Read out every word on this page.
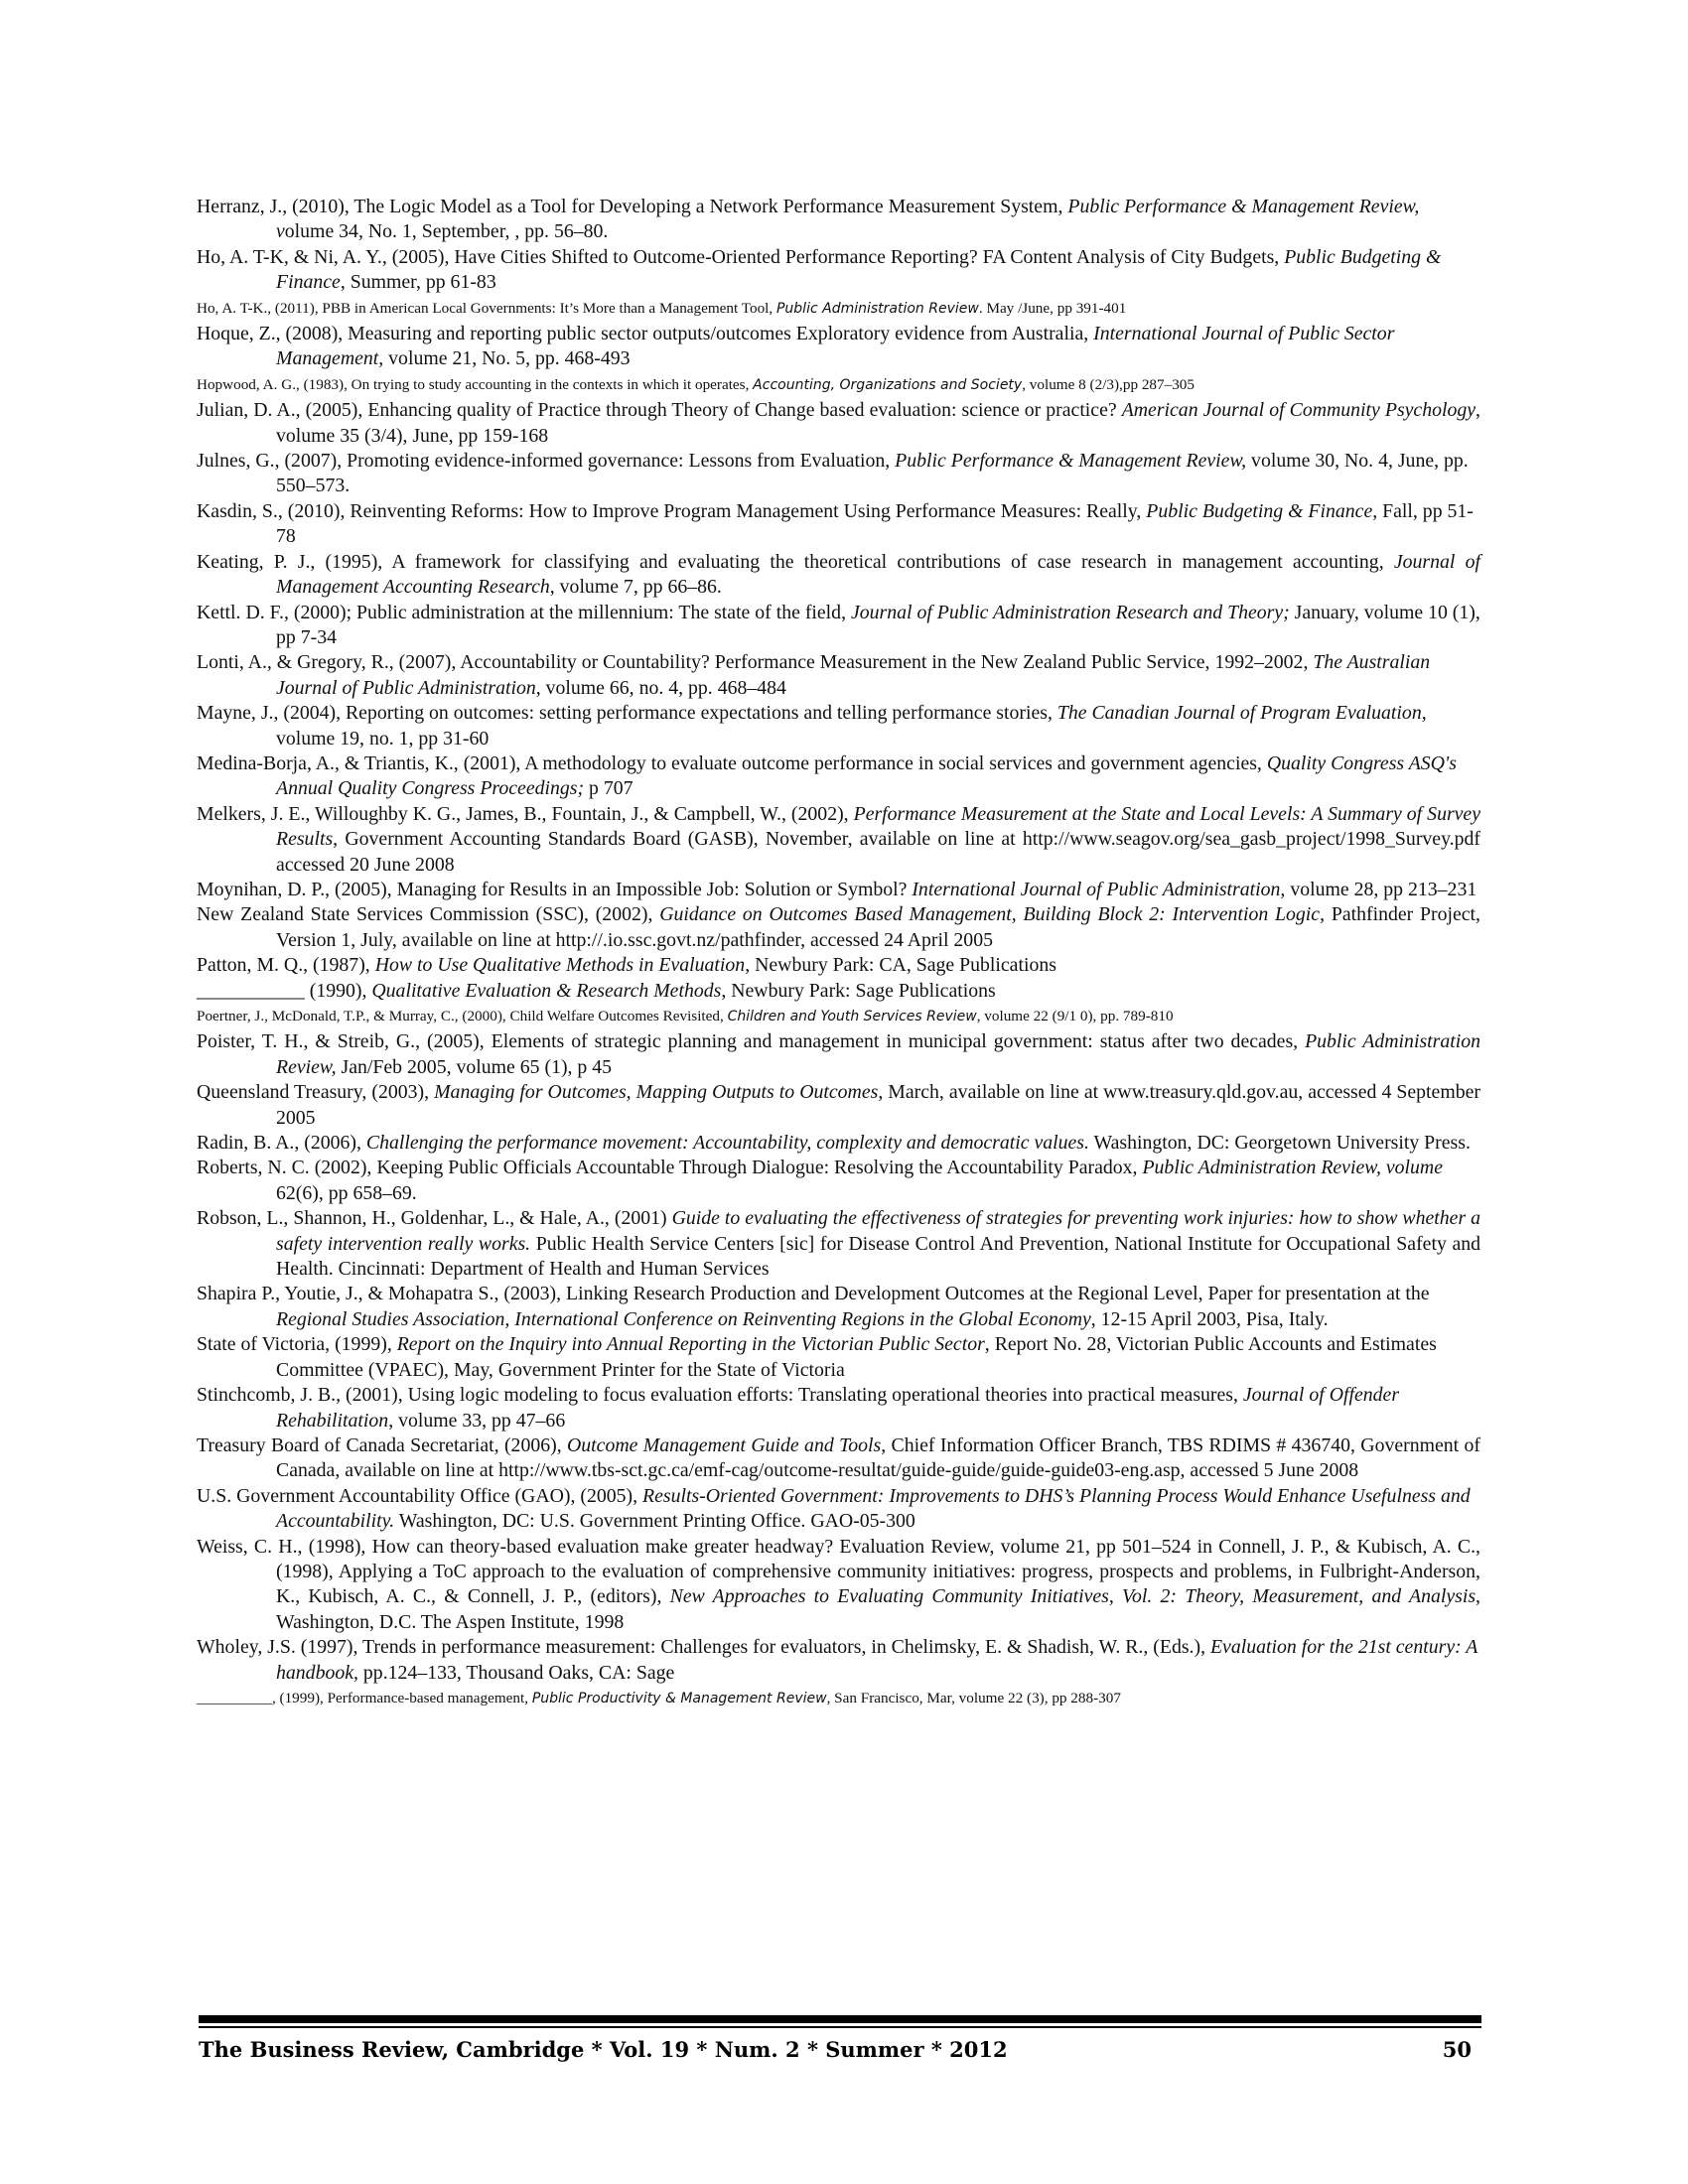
Herranz, J., (2010), The Logic Model as a Tool for Developing a Network Performance Measurement System, Public Performance & Management Review, volume 34, No. 1, September, , pp. 56–80.

Ho, A. T-K, & Ni, A. Y., (2005), Have Cities Shifted to Outcome-Oriented Performance Reporting? FA Content Analysis of City Budgets, Public Budgeting & Finance, Summer, pp 61-83

Ho, A. T-K., (2011), PBB in American Local Governments: It’s More than a Management Tool, Public Administration Review. May /June, pp 391-401

Hoque, Z., (2008), Measuring and reporting public sector outputs/outcomes Exploratory evidence from Australia, International Journal of Public Sector Management, volume 21, No. 5, pp. 468-493

Hopwood, A. G., (1983), On trying to study accounting in the contexts in which it operates, Accounting, Organizations and Society, volume 8 (2/3),pp 287–305

Julian, D. A., (2005), Enhancing quality of Practice through Theory of Change based evaluation: science or practice? American Journal of Community Psychology, volume 35 (3/4), June, pp 159-168

Julnes, G., (2007), Promoting evidence-informed governance: Lessons from Evaluation, Public Performance & Management Review, volume 30, No. 4, June, pp. 550–573.

Kasdin, S., (2010), Reinventing Reforms: How to Improve Program Management Using Performance Measures: Really, Public Budgeting & Finance, Fall, pp 51-78

Keating, P. J., (1995), A framework for classifying and evaluating the theoretical contributions of case research in management accounting, Journal of Management Accounting Research, volume 7, pp 66–86.

Kettl. D. F., (2000); Public administration at the millennium: The state of the field, Journal of Public Administration Research and Theory; January, volume 10 (1), pp 7-34

Lonti, A., & Gregory, R., (2007), Accountability or Countability? Performance Measurement in the New Zealand Public Service, 1992–2002, The Australian Journal of Public Administration, volume 66, no. 4, pp. 468–484

Mayne, J., (2004), Reporting on outcomes: setting performance expectations and telling performance stories, The Canadian Journal of Program Evaluation, volume 19, no. 1, pp 31-60

Medina-Borja, A., & Triantis, K., (2001), A methodology to evaluate outcome performance in social services and government agencies, Quality Congress ASQ's Annual Quality Congress Proceedings; p 707

Melkers, J. E., Willoughby K. G., James, B., Fountain, J., & Campbell, W., (2002), Performance Measurement at the State and Local Levels: A Summary of Survey Results, Government Accounting Standards Board (GASB), November, available on line at http://www.seagov.org/sea_gasb_project/1998_Survey.pdf accessed 20 June 2008

Moynihan, D. P., (2005), Managing for Results in an Impossible Job: Solution or Symbol? International Journal of Public Administration, volume 28, pp 213–231

New Zealand State Services Commission (SSC), (2002), Guidance on Outcomes Based Management, Building Block 2: Intervention Logic, Pathfinder Project, Version 1, July, available on line at http://.io.ssc.govt.nz/pathfinder, accessed 24 April 2005

Patton, M. Q., (1987), How to Use Qualitative Methods in Evaluation, Newbury Park: CA, Sage Publications

___________ (1990), Qualitative Evaluation & Research Methods, Newbury Park: Sage Publications

Poertner, J., McDonald, T.P., & Murray, C., (2000), Child Welfare Outcomes Revisited, Children and Youth Services Review, volume 22 (9/1 0), pp. 789-810

Poister, T. H., & Streib, G., (2005), Elements of strategic planning and management in municipal government: status after two decades, Public Administration Review, Jan/Feb 2005, volume 65 (1), p 45

Queensland Treasury, (2003), Managing for Outcomes, Mapping Outputs to Outcomes, March, available on line at www.treasury.qld.gov.au, accessed 4 September 2005

Radin, B. A., (2006), Challenging the performance movement: Accountability, complexity and democratic values. Washington, DC: Georgetown University Press.

Roberts, N. C. (2002), Keeping Public Officials Accountable Through Dialogue: Resolving the Accountability Paradox, Public Administration Review, volume 62(6), pp 658–69.

Robson, L., Shannon, H., Goldenhar, L., & Hale, A., (2001) Guide to evaluating the effectiveness of strategies for preventing work injuries: how to show whether a safety intervention really works. Public Health Service Centers [sic] for Disease Control And Prevention, National Institute for Occupational Safety and Health. Cincinnati: Department of Health and Human Services

Shapira P., Youtie, J., & Mohapatra S., (2003), Linking Research Production and Development Outcomes at the Regional Level, Paper for presentation at the Regional Studies Association, International Conference on Reinventing Regions in the Global Economy, 12-15 April 2003, Pisa, Italy.

State of Victoria, (1999), Report on the Inquiry into Annual Reporting in the Victorian Public Sector, Report No. 28, Victorian Public Accounts and Estimates Committee (VPAEC), May, Government Printer for the State of Victoria

Stinchcomb, J. B., (2001), Using logic modeling to focus evaluation efforts: Translating operational theories into practical measures, Journal of Offender Rehabilitation, volume 33, pp 47–66

Treasury Board of Canada Secretariat, (2006), Outcome Management Guide and Tools, Chief Information Officer Branch, TBS RDIMS # 436740, Government of Canada, available on line at http://www.tbs-sct.gc.ca/emf-cag/outcome-resultat/guide-guide/guide-guide03-eng.asp, accessed 5 June 2008

U.S. Government Accountability Office (GAO), (2005), Results-Oriented Government: Improvements to DHS’s Planning Process Would Enhance Usefulness and Accountability. Washington, DC: U.S. Government Printing Office. GAO-05-300

Weiss, C. H., (1998), How can theory-based evaluation make greater headway? Evaluation Review, volume 21, pp 501–524 in Connell, J. P., & Kubisch, A. C., (1998), Applying a ToC approach to the evaluation of comprehensive community initiatives: progress, prospects and problems, in Fulbright-Anderson, K., Kubisch, A. C., & Connell, J. P., (editors), New Approaches to Evaluating Community Initiatives, Vol. 2: Theory, Measurement, and Analysis, Washington, D.C. The Aspen Institute, 1998

Wholey, J.S. (1997), Trends in performance measurement: Challenges for evaluators, in Chelimsky, E. & Shadish, W. R., (Eds.), Evaluation for the 21st century: A handbook, pp.124–133, Thousand Oaks, CA: Sage

__________, (1999), Performance-based management, Public Productivity & Management Review, San Francisco, Mar, volume 22 (3), pp 288-307

The Business Review, Cambridge * Vol. 19 * Num. 2 * Summer * 2012	50
